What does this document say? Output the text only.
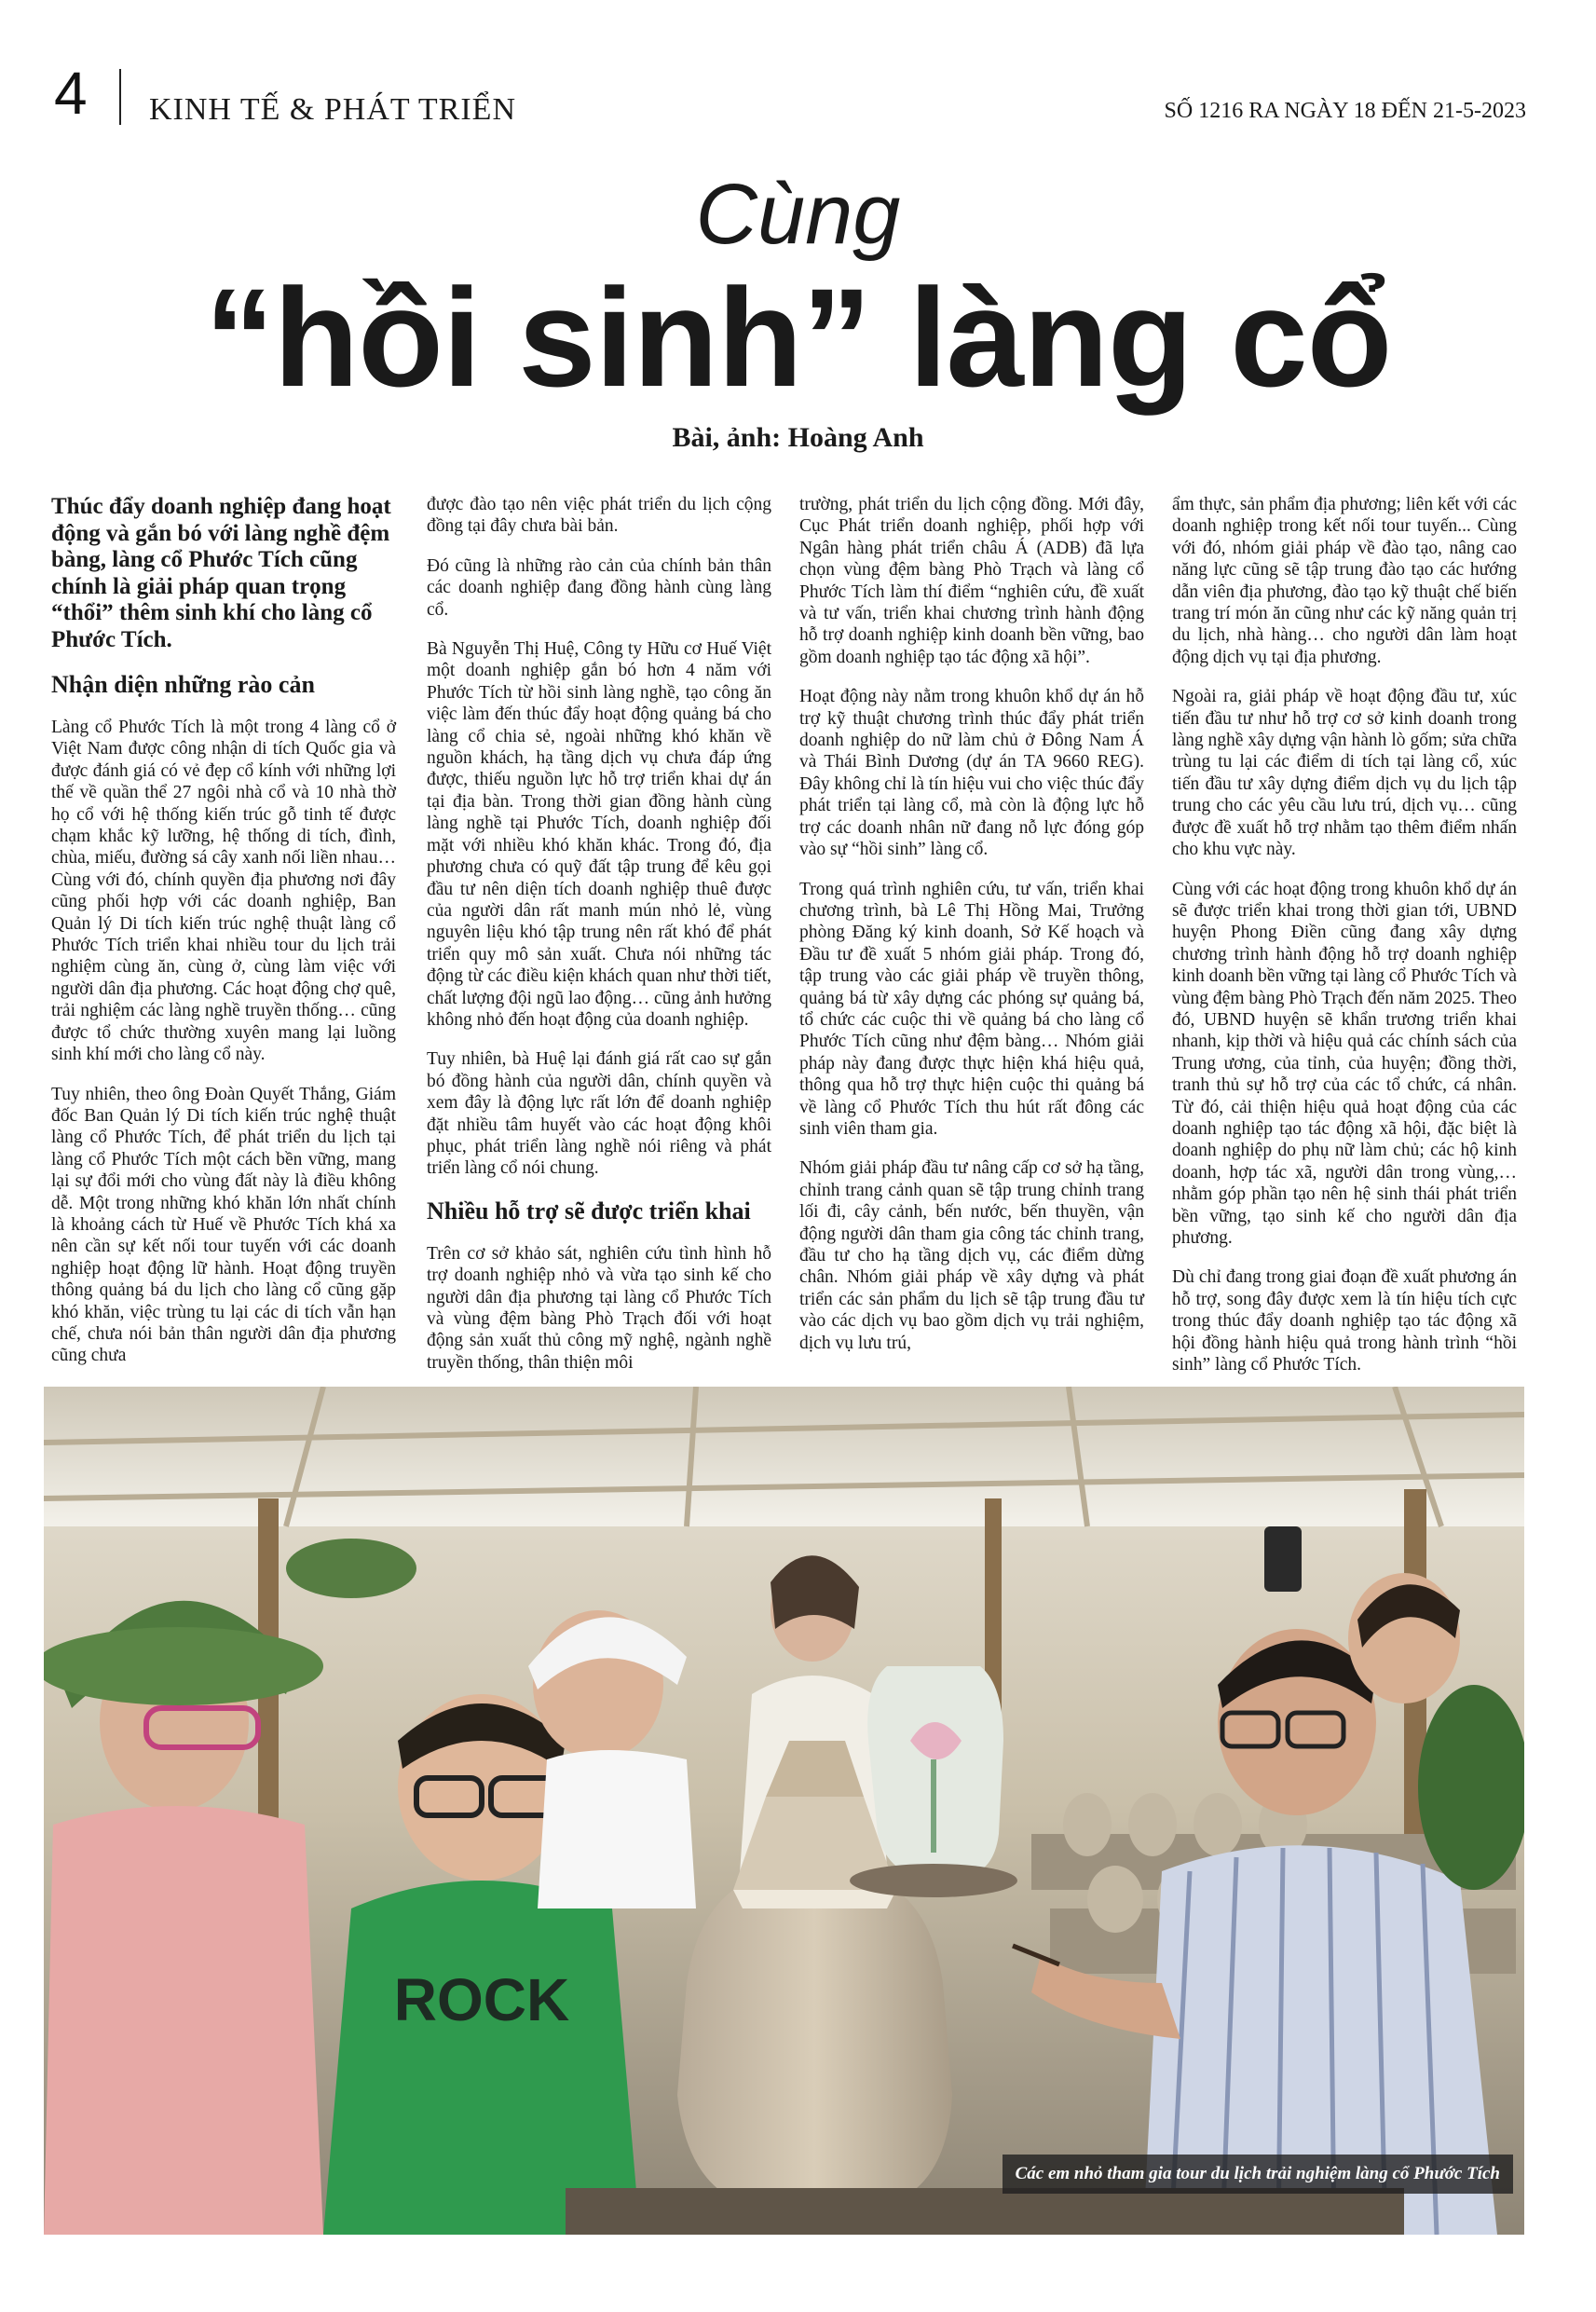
4 KINH TẾ & PHÁT TRIỂN	SỐ 1216 RA NGÀY 18 ĐẾN 21-5-2023
Cùng
“hồi sinh” làng cổ
Bài, ảnh: Hoàng Anh

Thúc đẩy doanh nghiệp đang hoạt động và gắn bó với làng nghề đệm bàng, làng cổ Phước Tích cũng chính là giải pháp quan trọng “thổi” thêm sinh khí cho làng cổ Phước Tích.

Nhận diện những rào cản

Làng cổ Phước Tích là một trong 4 làng cổ ở Việt Nam được công nhận di tích Quốc gia và được đánh giá có vẻ đẹp cổ kính với những lợi thế về quần thể 27 ngôi nhà cổ và 10 nhà thờ họ cổ với hệ thống kiến trúc gỗ tinh tế được chạm khắc kỹ lưỡng, hệ thống di tích, đình, chùa, miếu, đường sá cây xanh nối liền nhau… Cùng với đó, chính quyền địa phương nơi đây cũng phối hợp với các doanh nghiệp, Ban Quản lý Di tích kiến trúc nghệ thuật làng cổ Phước Tích triển khai nhiều tour du lịch trải nghiệm cùng ăn, cùng ở, cùng làm việc với người dân địa phương. Các hoạt động chợ quê, trải nghiệm các làng nghề truyền thống… cũng được tổ chức thường xuyên mang lại luồng sinh khí mới cho làng cổ này.

Tuy nhiên, theo ông Đoàn Quyết Thắng, Giám đốc Ban Quản lý Di tích kiến trúc nghệ thuật làng cổ Phước Tích, để phát triển du lịch tại làng cổ Phước Tích một cách bền vững, mang lại sự đổi mới cho vùng đất này là điều không dễ. Một trong những khó khăn lớn nhất chính là khoảng cách từ Huế về Phước Tích khá xa nên cần sự kết nối tour tuyến với các doanh nghiệp hoạt động lữ hành. Hoạt động truyền thông quảng bá du lịch cho làng cổ cũng gặp khó khăn, việc trùng tu lại các di tích vẫn hạn chế, chưa nói bản thân người dân địa phương cũng chưa

được đào tạo nên việc phát triển du lịch cộng đồng tại đây chưa bài bản.

Đó cũng là những rào cản của chính bản thân các doanh nghiệp đang đồng hành cùng làng cổ.

Bà Nguyễn Thị Huệ, Công ty Hữu cơ Huế Việt một doanh nghiệp gắn bó hơn 4 năm với Phước Tích từ hồi sinh làng nghề, tạo công ăn việc làm đến thúc đẩy hoạt động quảng bá cho làng cổ chia sẻ, ngoài những khó khăn về nguồn khách, hạ tầng dịch vụ chưa đáp ứng được, thiếu nguồn lực hỗ trợ triển khai dự án tại địa bàn. Trong thời gian đồng hành cùng làng nghề tại Phước Tích, doanh nghiệp đối mặt với nhiều khó khăn khác. Trong đó, địa phương chưa có quỹ đất tập trung để kêu gọi đầu tư nên diện tích doanh nghiệp thuê được của người dân rất manh mún nhỏ lẻ, vùng nguyên liệu khó tập trung nên rất khó để phát triển quy mô sản xuất. Chưa nói những tác động từ các điều kiện khách quan như thời tiết, chất lượng đội ngũ lao động… cũng ảnh hưởng không nhỏ đến hoạt động của doanh nghiệp.

Tuy nhiên, bà Huệ lại đánh giá rất cao sự gắn bó đồng hành của người dân, chính quyền và xem đây là động lực rất lớn để doanh nghiệp đặt nhiều tâm huyết vào các hoạt động khôi phục, phát triển làng nghề nói riêng và phát triển làng cổ nói chung.

Nhiều hỗ trợ sẽ được triển khai

Trên cơ sở khảo sát, nghiên cứu tình hình hỗ trợ doanh nghiệp nhỏ và vừa tạo sinh kế cho người dân địa phương tại làng cổ Phước Tích và vùng đệm bàng Phò Trạch đối với hoạt động sản xuất thủ công mỹ nghệ, ngành nghề truyền thống, thân thiện môi

trường, phát triển du lịch cộng đồng. Mới đây, Cục Phát triển doanh nghiệp, phối hợp với Ngân hàng phát triển châu Á (ADB) đã lựa chọn vùng đệm bàng Phò Trạch và làng cổ Phước Tích làm thí điểm “nghiên cứu, đề xuất và tư vấn, triển khai chương trình hành động hỗ trợ doanh nghiệp kinh doanh bền vững, bao gồm doanh nghiệp tạo tác động xã hội”.

Hoạt động này nằm trong khuôn khổ dự án hỗ trợ kỹ thuật chương trình thúc đẩy phát triển doanh nghiệp do nữ làm chủ ở Đông Nam Á và Thái Bình Dương (dự án TA 9660 REG). Đây không chỉ là tín hiệu vui cho việc thúc đẩy phát triển tại làng cổ, mà còn là động lực hỗ trợ các doanh nhân nữ đang nỗ lực đóng góp vào sự “hồi sinh” làng cổ.

Trong quá trình nghiên cứu, tư vấn, triển khai chương trình, bà Lê Thị Hồng Mai, Trưởng phòng Đăng ký kinh doanh, Sở Kế hoạch và Đầu tư đề xuất 5 nhóm giải pháp. Trong đó, tập trung vào các giải pháp về truyền thông, quảng bá từ xây dựng các phóng sự quảng bá, tổ chức các cuộc thi về quảng bá cho làng cổ Phước Tích cũng như đệm bàng… Nhóm giải pháp này đang được thực hiện khá hiệu quả, thông qua hỗ trợ thực hiện cuộc thi quảng bá về làng cổ Phước Tích thu hút rất đông các sinh viên tham gia.

Nhóm giải pháp đầu tư nâng cấp cơ sở hạ tầng, chỉnh trang cảnh quan sẽ tập trung chỉnh trang lối đi, cây cảnh, bến nước, bến thuyền, vận động người dân tham gia công tác chỉnh trang, đầu tư cho hạ tầng dịch vụ, các điểm dừng chân. Nhóm giải pháp về xây dựng và phát triển các sản phẩm du lịch sẽ tập trung đầu tư vào các dịch vụ bao gồm dịch vụ trải nghiệm, dịch vụ lưu trú,

ẩm thực, sản phẩm địa phương; liên kết với các doanh nghiệp trong kết nối tour tuyến... Cùng với đó, nhóm giải pháp về đào tạo, nâng cao năng lực cũng sẽ tập trung đào tạo các hướng dẫn viên địa phương, đào tạo kỹ thuật chế biến trang trí món ăn cũng như các kỹ năng quản trị du lịch, nhà hàng… cho người dân làm hoạt động dịch vụ tại địa phương.

Ngoài ra, giải pháp về hoạt động đầu tư, xúc tiến đầu tư như hỗ trợ cơ sở kinh doanh trong làng nghề xây dựng vận hành lò gốm; sửa chữa trùng tu lại các điểm di tích tại làng cổ, xúc tiến đầu tư xây dựng điểm dịch vụ du lịch tập trung cho các yêu cầu lưu trú, dịch vụ… cũng được đề xuất hỗ trợ nhằm tạo thêm điểm nhấn cho khu vực này.

Cùng với các hoạt động trong khuôn khổ dự án sẽ được triển khai trong thời gian tới, UBND huyện Phong Điền cũng đang xây dựng chương trình hành động hỗ trợ doanh nghiệp kinh doanh bền vững tại làng cổ Phước Tích và vùng đệm bàng Phò Trạch đến năm 2025. Theo đó, UBND huyện sẽ khẩn trương triển khai nhanh, kịp thời và hiệu quả các chính sách của Trung ương, của tỉnh, của huyện; đồng thời, tranh thủ sự hỗ trợ của các tổ chức, cá nhân. Từ đó, cải thiện hiệu quả hoạt động của các doanh nghiệp tạo tác động xã hội, đặc biệt là doanh nghiệp do phụ nữ làm chủ; các hộ kinh doanh, hợp tác xã, người dân trong vùng,… nhằm góp phần tạo nên hệ sinh thái phát triển bền vững, tạo sinh kế cho người dân địa phương.

Dù chỉ đang trong giai đoạn đề xuất phương án hỗ trợ, song đây được xem là tín hiệu tích cực trong thúc đẩy doanh nghiệp tạo tác động xã hội đồng hành hiệu quả trong hành trình “hồi sinh” làng cổ Phước Tích.

ROCK
Các em nhỏ tham gia tour du lịch trải nghiệm làng cổ Phước Tích
